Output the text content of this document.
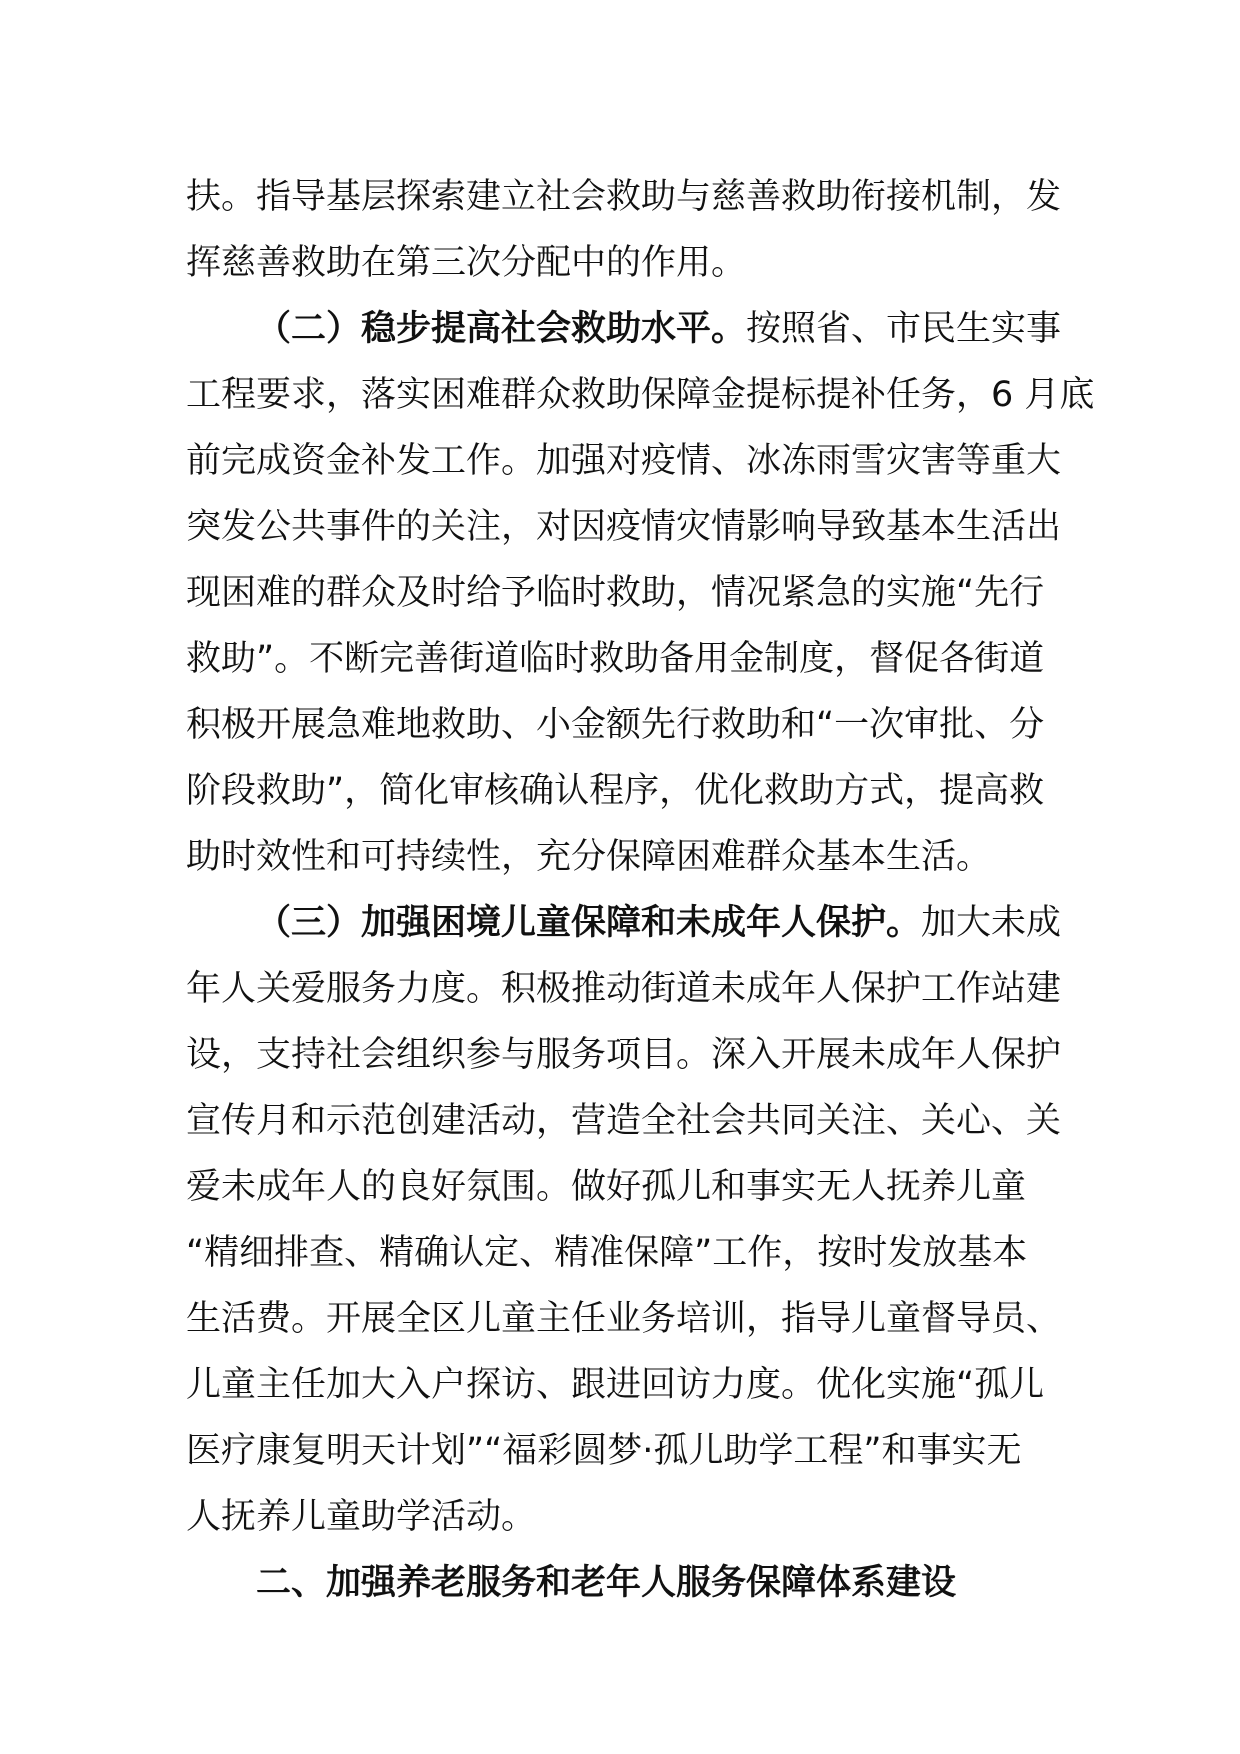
扶。指导基层探索建立社会救助与慈善救助衔接机制，发
挥慈善救助在第三次分配中的作用。
（二）稳步提高社会救助水平。按照省、市民生实事
工程要求，落实困难群众救助保障金提标提补任务，6 月底
前完成资金补发工作。加强对疫情、冰冻雨雪灾害等重大
突发公共事件的关注，对因疫情灾情影响导致基本生活出
现困难的群众及时给予临时救助，情况紧急的实施“先行
救助”。不断完善街道临时救助备用金制度，督促各街道
积极开展急难地救助、小金额先行救助和“一次审批、分
阶段救助”，简化审核确认程序，优化救助方式，提高救
助时效性和可持续性，充分保障困难群众基本生活。
（三）加强困境儿童保障和未成年人保护。加大未成
年人关爱服务力度。积极推动街道未成年人保护工作站建
设，支持社会组织参与服务项目。深入开展未成年人保护
宣传月和示范创建活动，营造全社会共同关注、关心、关
爱未成年人的良好氛围。做好孤儿和事实无人抚养儿童
“精细排查、精确认定、精准保障”工作，按时发放基本
生活费。开展全区儿童主任业务培训，指导儿童督导员、
儿童主任加大入户探访、跟进回访力度。优化实施“孤儿
医疗康复明天计划”“福彩圆梦·孤儿助学工程”和事实无
人抚养儿童助学活动。
二、加强养老服务和老年人服务保障体系建设
